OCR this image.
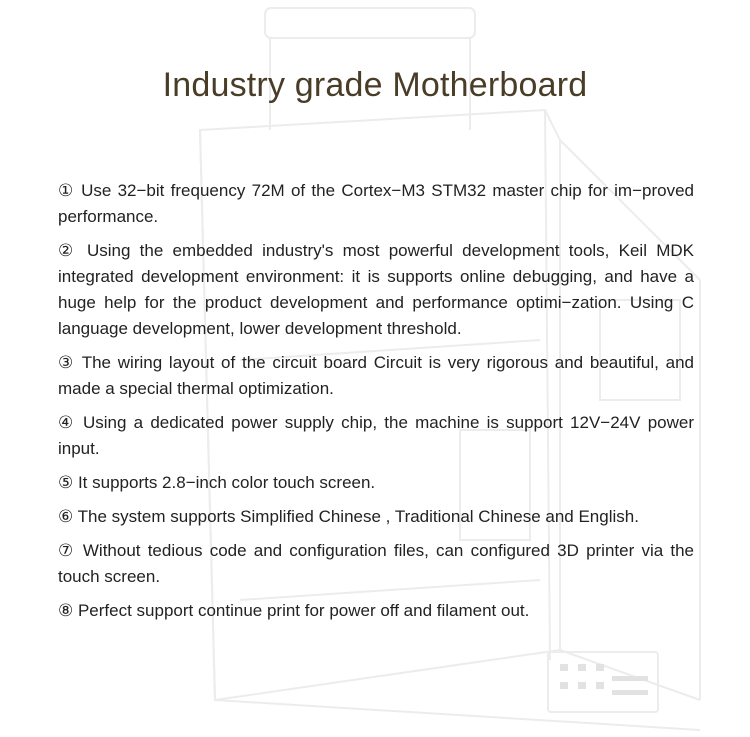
Industry grade Motherboard

① Use 32−bit frequency 72M of the Cortex−M3 STM32 master chip for im−proved performance.

② Using the embedded industry's most powerful development tools, Keil MDK integrated development environment: it is supports online debugging, and have a huge help for the product development and performance optimi−zation. Using C language development, lower development threshold.

③ The wiring layout of the circuit board Circuit is very rigorous and beautiful, and made a special thermal optimization.

④ Using a dedicated power supply chip, the machine is support 12V−24V power input.

⑤ It supports 2.8−inch color touch screen.

⑥ The system supports Simplified Chinese , Traditional Chinese and English.

⑦ Without tedious code and configuration files, can configured 3D printer via the touch screen.

⑧ Perfect support continue print for power off and filament out.
